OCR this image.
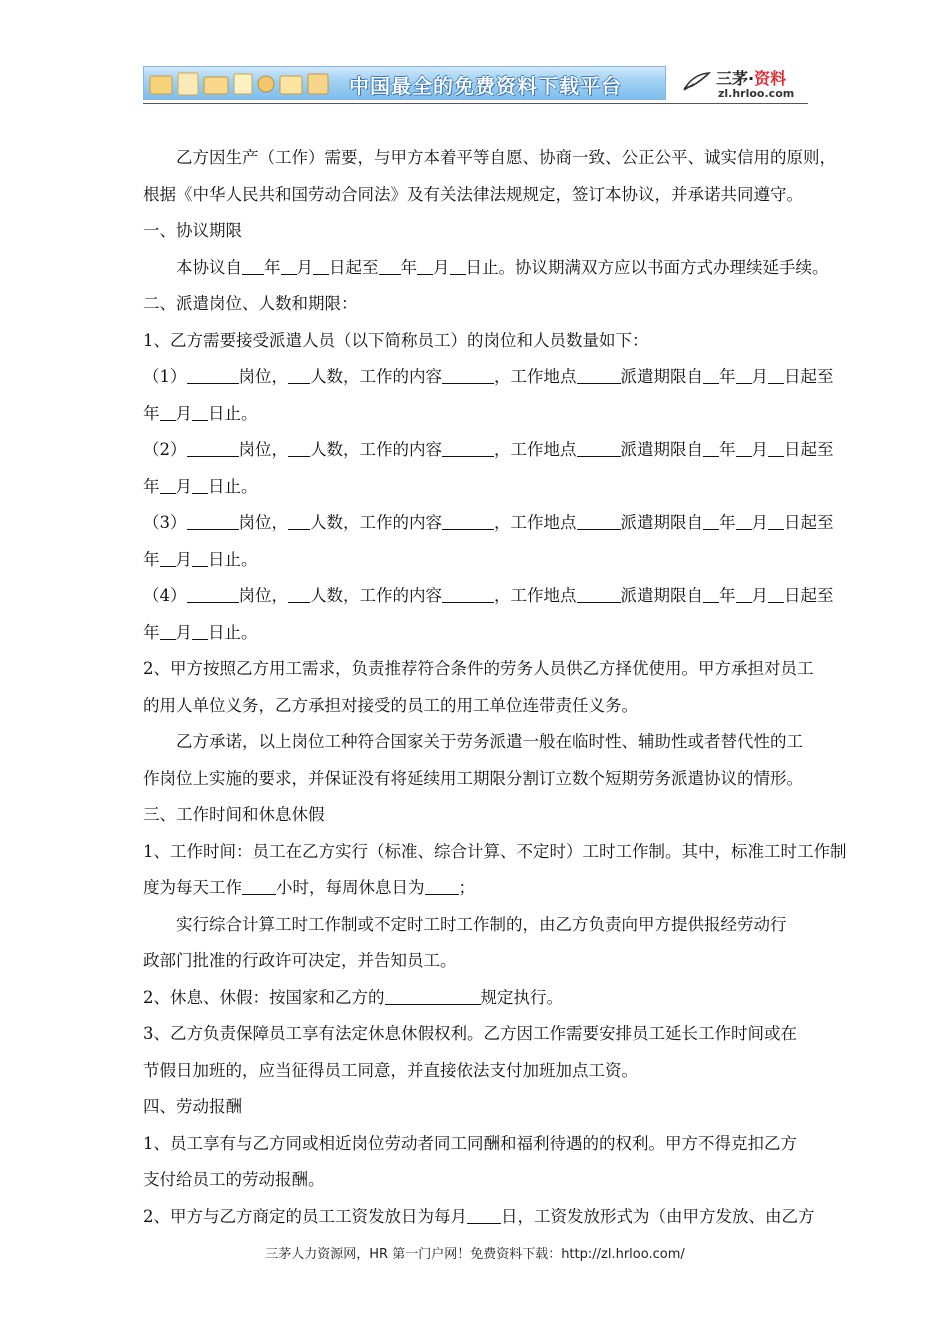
中国最全的免费资料下载平台	三茅·资料
zl.hrloo.com
乙方因生产（工作）需要，与甲方本着平等自愿、协商一致、公正公平、诚实信用的原则，
根据《中华人民共和国劳动合同法》及有关法律法规规定，签订本协议，并承诺共同遵守。
一、协议期限
本协议自 年 月 日起至 年 月 日止。协议期满双方应以书面方式办理续延手续。
二、派遣岗位、人数和期限：
1、乙方需要接受派遣人员（以下简称员工）的岗位和人员数量如下：
（1）	岗位， 人数，工作的内容	，工作地点	派遣期限自 年 月 日起至
年 月 日止。
（2）	岗位， 人数，工作的内容	，工作地点	派遣期限自 年 月 日起至
年 月 日止。
（3）	岗位， 人数，工作的内容	，工作地点	派遣期限自 年 月 日起至
年 月 日止。
（4）	岗位， 人数，工作的内容	，工作地点	派遣期限自 年 月 日起至
年 月 日止。
2、甲方按照乙方用工需求，负责推荐符合条件的劳务人员供乙方择优使用。甲方承担对员工
的用人单位义务，乙方承担对接受的员工的用工单位连带责任义务。
乙方承诺，以上岗位工种符合国家关于劳务派遣一般在临时性、辅助性或者替代性的工
作岗位上实施的要求，并保证没有将延续用工期限分割订立数个短期劳务派遣协议的情形。
三、工作时间和休息休假
1、工作时间：员工在乙方实行（标准、综合计算、不定时）工时工作制。其中，标准工时工作制
度为每天工作 小时，每周休息日为 ；
实行综合计算工时工作制或不定时工时工作制的，由乙方负责向甲方提供报经劳动行
政部门批准的行政许可决定，并告知员工。
2、休息、休假：按国家和乙方的	规定执行。
3、乙方负责保障员工享有法定休息休假权利。乙方因工作需要安排员工延长工作时间或在
节假日加班的，应当征得员工同意，并直接依法支付加班加点工资。
四、劳动报酬
1、员工享有与乙方同或相近岗位劳动者同工同酬和福利待遇的的权利。甲方不得克扣乙方
支付给员工的劳动报酬。
2、甲方与乙方商定的员工工资发放日为每月 日，工资发放形式为（由甲方发放、由乙方
三茅人力资源网，HR 第一门户网！免费资料下载：http://zl.hrloo.com/
